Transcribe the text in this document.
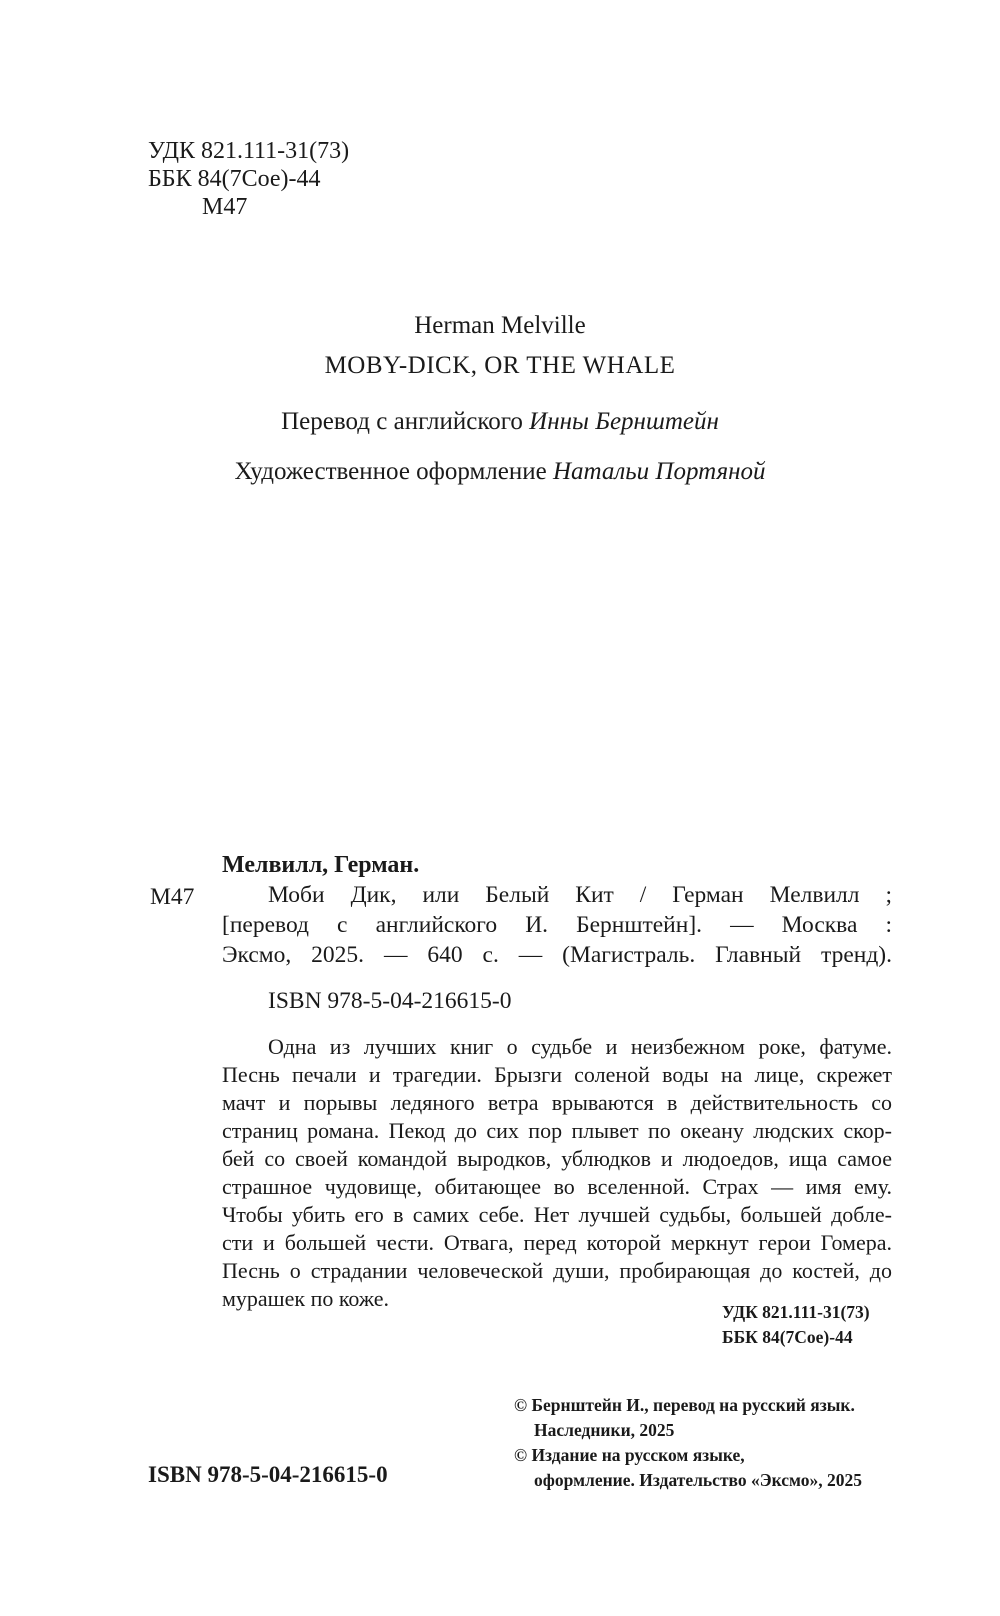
УДК 821.111-31(73)
ББК 84(7Сое)-44
М47
Herman Melville
MOBY-DICK, OR THE WHALE
Перевод с английского Инны Бернштейн
Художественное оформление Натальи Портяной
Мелвилл, Герман.
М47	Моби Дик, или Белый Кит / Герман Мелвилл ;
[перевод с английского И. Бернштейн]. — Москва :
Эксмо, 2025. — 640 с. — (Магистраль. Главный тренд).
ISBN 978-5-04-216615-0
Одна из лучших книг о судьбе и неизбежном роке, фатуме.
Песнь печали и трагедии. Брызги соленой воды на лице, скрежет
мачт и порывы ледяного ветра врываются в действительность со
страниц романа. Пекод до сих пор плывет по океану людских скор-
бей со своей командой выродков, ублюдков и людоедов, ища самое
страшное чудовище, обитающее во вселенной. Страх — имя ему.
Чтобы убить его в самих себе. Нет лучшей судьбы, большей добле-
сти и большей чести. Отвага, перед которой меркнут герои Гомера.
Песнь о страдании человеческой души, пробирающая до костей, до
мурашек по коже.
УДК 821.111-31(73)
ББК 84(7Сое)-44
© Бернштейн И., перевод на русский язык.
Наследники, 2025
© Издание на русском языке,
оформление. Издательство «Эксмо», 2025
ISBN 978-5-04-216615-0
